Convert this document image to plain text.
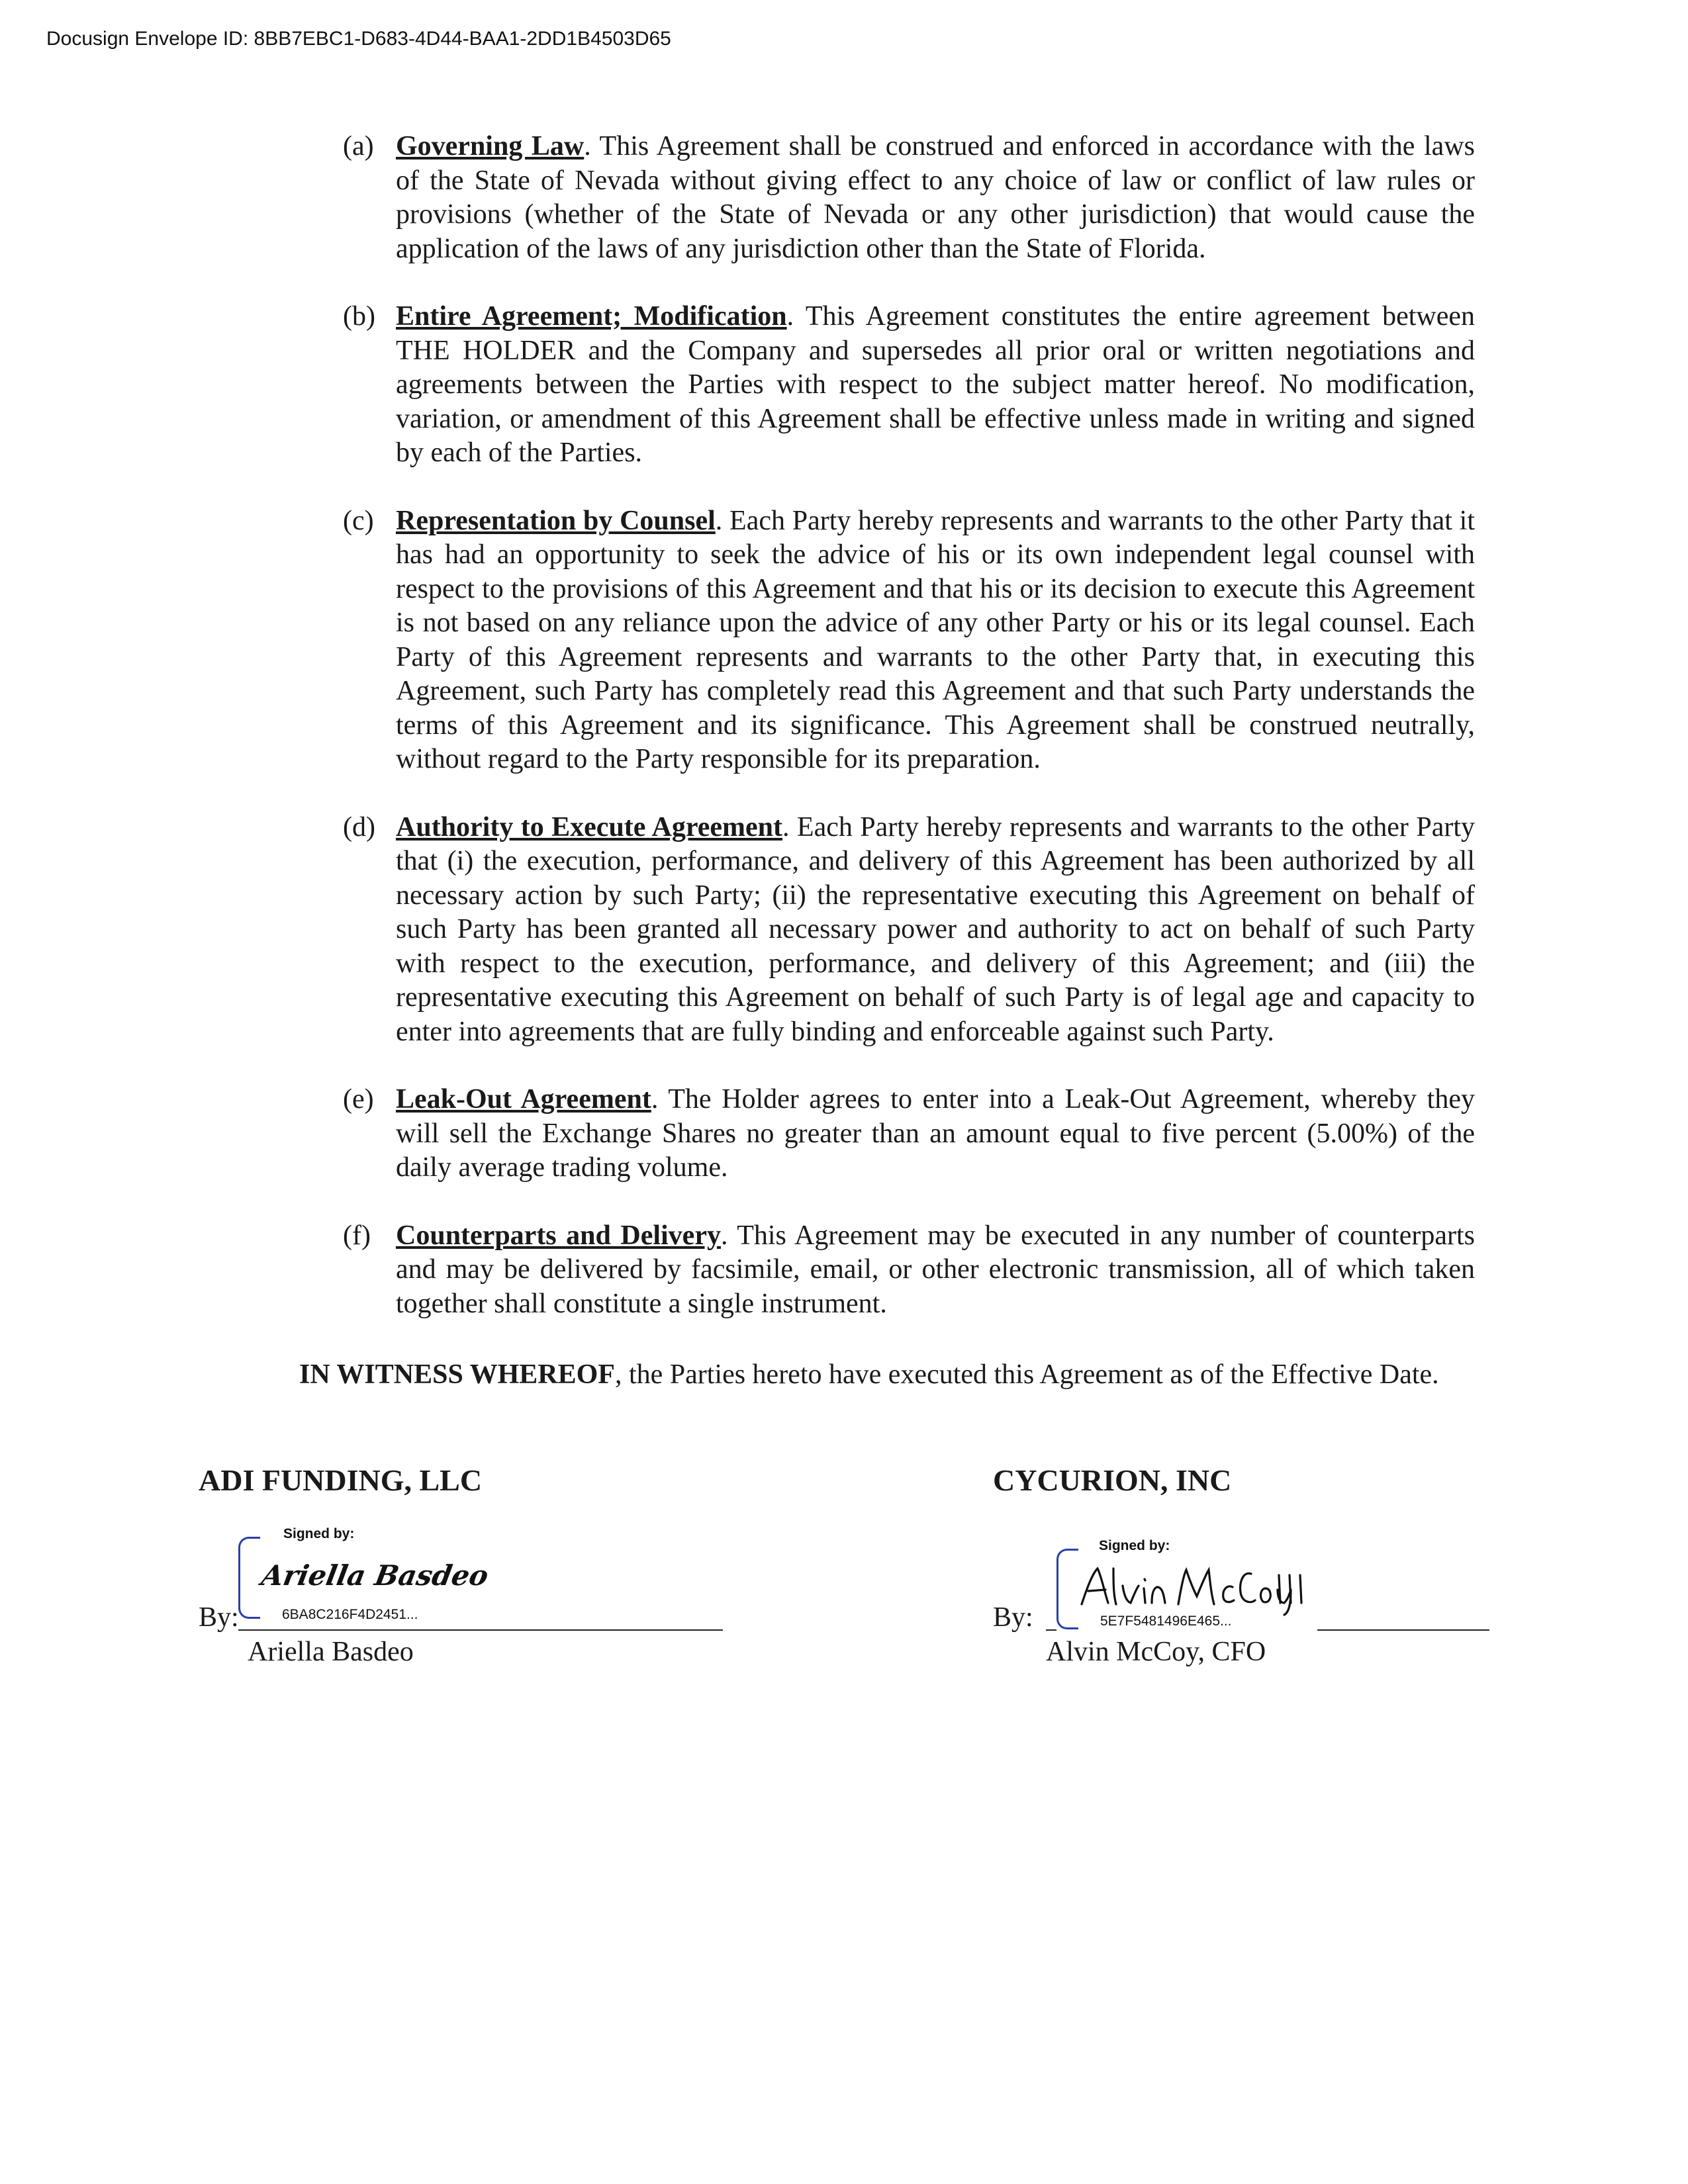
Docusign Envelope ID: 8BB7EBC1-D683-4D44-BAA1-2DD1B4503D65
(a) Governing Law. This Agreement shall be construed and enforced in accordance with the laws of the State of Nevada without giving effect to any choice of law or conflict of law rules or provisions (whether of the State of Nevada or any other jurisdiction) that would cause the application of the laws of any jurisdiction other than the State of Florida.
(b) Entire Agreement; Modification. This Agreement constitutes the entire agreement between THE HOLDER and the Company and supersedes all prior oral or written negotiations and agreements between the Parties with respect to the subject matter hereof. No modification, variation, or amendment of this Agreement shall be effective unless made in writing and signed by each of the Parties.
(c) Representation by Counsel. Each Party hereby represents and warrants to the other Party that it has had an opportunity to seek the advice of his or its own independent legal counsel with respect to the provisions of this Agreement and that his or its decision to execute this Agreement is not based on any reliance upon the advice of any other Party or his or its legal counsel. Each Party of this Agreement represents and warrants to the other Party that, in executing this Agreement, such Party has completely read this Agreement and that such Party understands the terms of this Agreement and its significance. This Agreement shall be construed neutrally, without regard to the Party responsible for its preparation.
(d) Authority to Execute Agreement. Each Party hereby represents and warrants to the other Party that (i) the execution, performance, and delivery of this Agreement has been authorized by all necessary action by such Party; (ii) the representative executing this Agreement on behalf of such Party has been granted all necessary power and authority to act on behalf of such Party with respect to the execution, performance, and delivery of this Agreement; and (iii) the representative executing this Agreement on behalf of such Party is of legal age and capacity to enter into agreements that are fully binding and enforceable against such Party.
(e) Leak-Out Agreement. The Holder agrees to enter into a Leak-Out Agreement, whereby they will sell the Exchange Shares no greater than an amount equal to five percent (5.00%) of the daily average trading volume.
(f) Counterparts and Delivery. This Agreement may be executed in any number of counterparts and may be delivered by facsimile, email, or other electronic transmission, all of which taken together shall constitute a single instrument.
IN WITNESS WHEREOF, the Parties hereto have executed this Agreement as of the Effective Date.
ADI FUNDING, LLC
Signed by:
Ariella Basdeo
6BA8C216F4D2451...
By:
Ariella Basdeo
CYCURION, INC
Signed by:
5E7F5481496E465...
By:
Alvin McCoy, CFO
